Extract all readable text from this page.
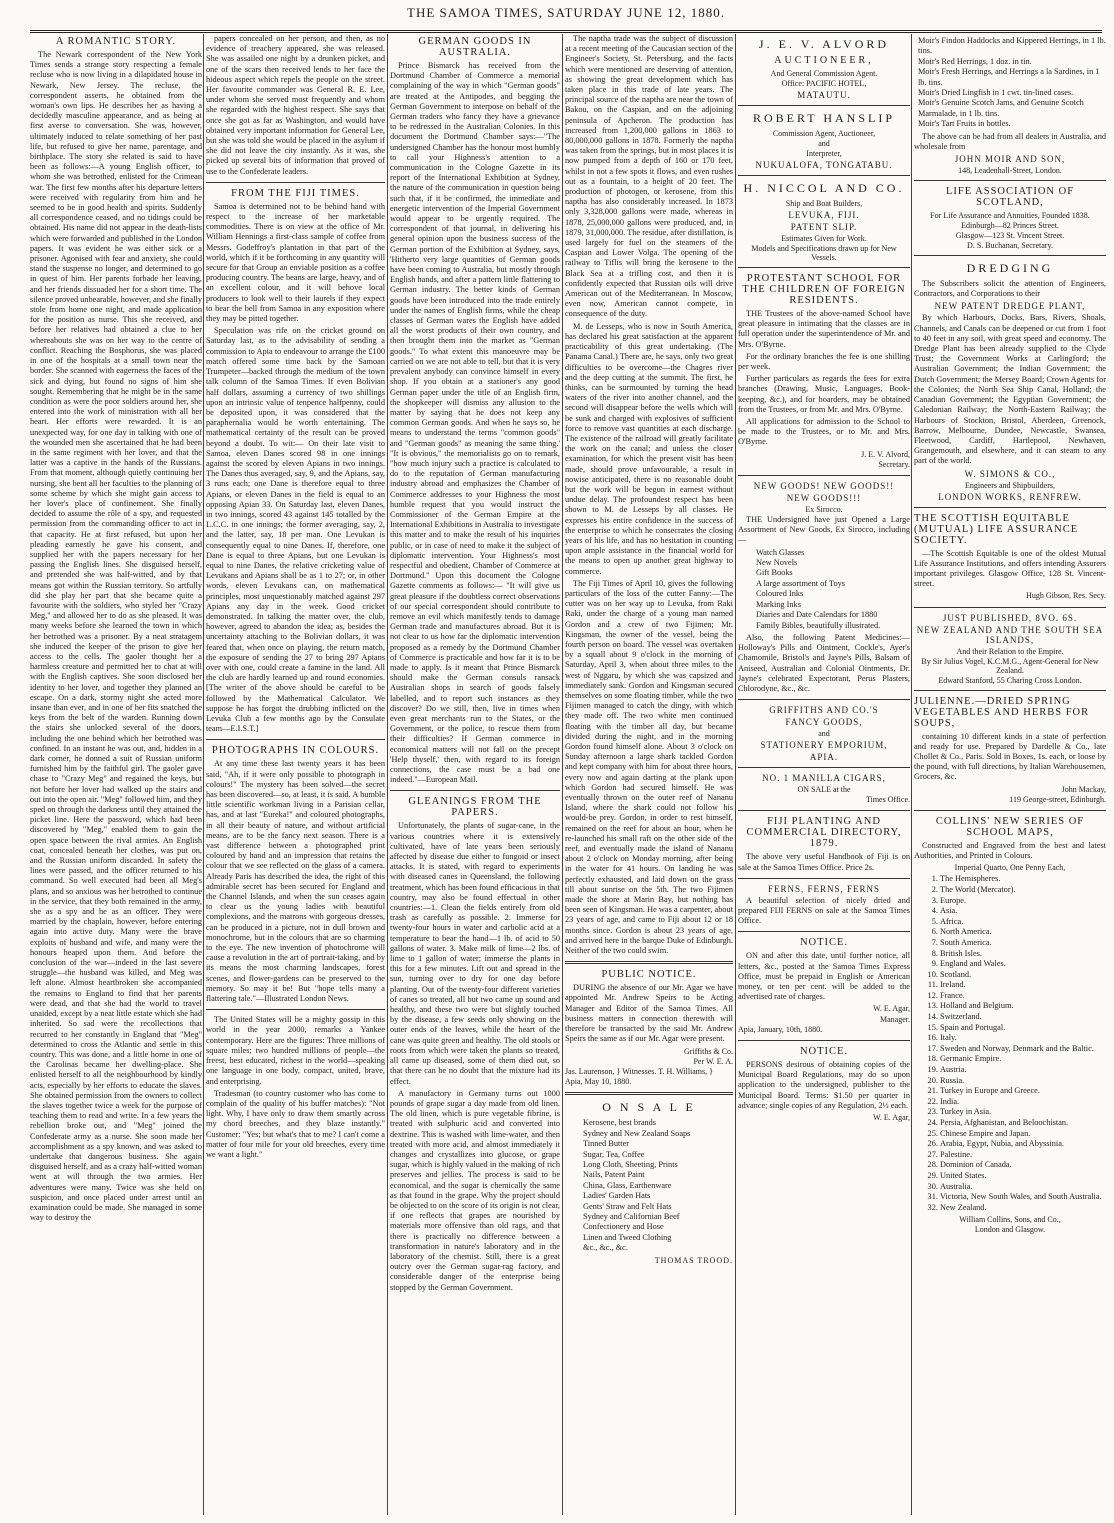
THE SAMOA TIMES, SATURDAY JUNE 12, 1880.
A ROMANTIC STORY.

The Newark correspondent of the New York Times sends a strange story respecting a female recluse who is now living in a dilapidated house in Newark, New Jersey. The recluse, the correspondent asserts, he obtained from the woman's own lips. He describes her as having a decidedly masculine appearance, and as being at first averse to conversation. She was, however, ultimately induced to relate something of her past life, but refused to give her name, parentage, and birthplace. The story she related is said to have been as follows:—A young English officer, to whom she was betrothed, enlisted for the Crimean war. The first few months after his departure letters were received with regularity from him and he seemed to be in good health and spirits. Suddenly all correspondence ceased, and no tidings could be obtained. His name did not appear in the death-lists which were forwarded and published in the London papers. It was evident he was either sick or a prisoner. Agonised with fear and anxiety, she could stand the suspense no longer, and determined to go in quest of him. Her parents forbade her leaving, and her friends dissuaded her for a short time. The silence proved unbearable, however, and she finally stole from home one night, and made application for the position as nurse. This she received, and before her relatives had obtained a clue to her whereabouts she was on her way to the centre of conflict. Reaching the Bosphorus, she was placed in one of the hospitals at a small town near the border. She scanned with eagerness the faces of the sick and dying, but found no signs of him she sought. Remembering that he might be in the same condition as were the poor soldiers around her, she entered into the work of ministration with all her heart. Her efforts were rewarded. It is an unexpected way, for one day in talking with one of the wounded men she ascertained that he had been in the same regiment with her lover, and that the latter was a captive in the hands of the Russians. From that moment, although quietly continuing her nursing, she bent all her faculties to the planning of some scheme by which she might gain access to her lover's place of confinement. She finally decided to assume the rôle of a spy, and requested permission from the commanding officer to act in that capacity. He at first refused, but upon her pleading earnestly he gave his consent, and supplied her with the papers necessary for her passing the English lines. She disguised herself, and pretended she was half-witted, and by that means got within the Russian territory. So artfully did she play her part that she became quite a favourite with the soldiers, who styled her "Crazy Meg," and allowed her to do as she pleased. It was many weeks before she learned the town in which her betrothed was a prisoner. By a neat stratagem she induced the keeper of the prison to give her access to the cells. The gaoler thought her a harmless creature and permitted her to chat at will with the English captives. She soon disclosed her identity to her lover, and together they planned an escape. On a dark, stormy night she acted more insane than ever, and in one of her fits snatched the keys from the belt of the warden. Running down the stairs she unlocked several of the doors, including the one behind which her betrothed was confined. In an instant he was out, and, hidden in a dark corner, he donned a suit of Russian uniform furnished him by the faithful girl. The gaoler gave chase to "Crazy Meg" and regained the keys, but not before her lover had walked up the stairs and out into the open air. "Meg" followed him, and they sped on through the darkness until they attained the picket line. Here the password, which had been discovered by "Meg," enabled them to gain the open space between the rival armies. An English coat, concealed beneath her clothes, was put on, and the Russian uniform discarded. In safety the lines were passed, and the officer returned to his command. So well executed had been all Meg's plans, and so anxious was her betrothed to continue in the service, that they both remained in the army, she as a spy and he as an officer. They were married by the chaplain, however, before entering again into active duty. Many were the brave exploits of husband and wife, and many were the honours heaped upon them. And before the conclusion of the war—indeed in the last severe struggle—the husband was killed, and Meg was left alone. Almost heartbroken she accompanied the remains to England to find that her parents were dead, and that she had the world to travel unaided, except by a neat little estate which she had inherited. So sad were the recollections that recurred to her constantly in England that "Meg" determined to cross the Atlantic and settle in this country. This was done, and a little home in one of the Carolinas became her dwelling-place. She enlisted herself to all the neighbourhood by kindly acts, especially by her efforts to educate the slaves. She obtained permission from the owners to collect the slaves together twice a week for the purpose of teaching them to read and write. In a few years the rebellion broke out, and "Meg" joined the Confederate army as a nurse. She soon made her accomplishment as a spy known, and was asked to undertake that dangerous business. She again disguised herself, and as a crazy half-witted woman went at will through the two armies. Her adventures were many. Twice was she held on suspicion, and once placed under arrest until an examination could be made. She managed in some way to destroy the

papers concealed on her person, and then, as no evidence of treachery appeared, she was released. She was assailed one night by a drunken picket, and one of the scars then received lends to her face the hideous aspect which repels the people on the street. Her favourite commander was General R. E. Lee, under whom she served most frequently and whom she regarded with the highest respect. She says that once she got as far as Washington, and would have obtained very important information for General Lee, but she was told she would be placed in the asylum if she did not leave the city instantly. As it was, she picked up several bits of information that proved of use to the Confederate leaders.

FROM THE FIJI TIMES.

Samoa is determined not to be behind hand with respect to the increase of her marketable commodities. There is on view at the office of Mr. William Hennings a first-class sample of coffee from Messrs. Godeffroy's plantation in that part of the world, which if it be forthcoming in any quantity will secure for that Group an enviable position as a coffee producing country. The beans are large, heavy, and of an excellent colour, and it will behove local producers to look well to their laurels if they expect to bear the bell from Samoa in any exposition where they may be pitted together.

Speculation was rife on the cricket ground on Saturday last, as to the advisability of sending a commission to Apia to endeavour to arrange the £100 match offered some time back by the Samoan Trumpeter—backed through the medium of the town talk column of the Samoa Times. If even Bolivian half dollars, assuming a currency of two shillings upon an intrinsic value of tenpence halfpenny, could be deposited upon, it was considered that the paraphernalia would be worth entertaining. The mathematical certainty of the result can be proved beyond a doubt. To wit:— On their late visit to Samoa, eleven Danes scored 98 in one innings against the scored by eleven Apians in two innings. The Danes thus averaged, say, 9, and the Apians, say, 3 runs each; one Dane is therefore equal to three Apians, or eleven Danes in the field is equal to an opposing Apian 33. On Saturday last, eleven Danes, in two innings, scored 43 against 145 totalled by the L.C.C. in one innings; the former averaging, say, 2, and the latter, say, 18 per man. One Levukan is consequently equal to nine Danes. If, therefore, one Dane is equal to three Apians, but one Levukan is equal to nine Danes, the relative cricketing value of Levukans and Apians shall be as 1 to 27; or, in other words, eleven Levukans can, on mathematical principles, most unquestionably matched against 297 Apians any day in the week. Good cricket demonstrated. In talking the matter over, the club, however, agreed to abandon the idea; as, besides the uncertainty attaching to the Bolivian dollars, it was feared that, when once on playing, the return match, the exposure of sending the 27 to bring 297 Apians over with one, could create a famine in the land. All the club are hardly learned up and round economies. [The writer of the above should be careful to be followed by the Mathematical Calculator. We suppose he has forgot the drubbing inflicted on the Levuka Club a few months ago by the Consulate team—E.I.S.T.]

PHOTOGRAPHS IN COLOURS.

At any time these last twenty years it has been said, "Ah, if it were only possible to photograph in colours!" The mystery has been solved—the secret has been discovered—so, at least, it is said. A humble little scientific workman living in a Parisian cellar, has, and at last "Eureka!" and coloured photographs, in all their beauty of nature, and without artificial means, are to be the fancy next season. There is a vast difference between a photographed print coloured by hand and an impression that retains the colour that we see reflected on the glass of a camera. Already Paris has described the idea, the right of this admirable secret has been secured for England and the Channel Islands, and when the sun ceases again to clear us the young ladies with beautiful complexions, and the matrons with gorgeous dresses, can be produced in a picture, not in dull brown and monochrome, but in the colours that are so charming to the eye. The new invention of photochrome will cause a revolution in the art of portrait-taking, and by its means the most charming landscapes, forest scenes, and flower-gardens can be preserved to the memory. So may it be! But "hope tells many a flattering tale."—Illustrated London News.

The United States will be a mighty gossip in this world in the year 2000, remarks a Yankee contemporary. Here are the figures: Three millions of square miles; two hundred millions of people—the freest, best educated, richest in the world—speaking one language in one body, compact, united, brave, and enterprising.

Tradesman (to country customer who has come to complain of the quality of his buffer matches): "Not light. Why, I have only to draw them smartly across my chord breeches, and they blaze instantly." Customer: "Yes; but what's that to me? I can't come a matter of four mile for your old breeches, every time we want a light."

GERMAN GOODS IN AUSTRALIA.

Prince Bismarck has received from the Dortmund Chamber of Commerce a memorial complaining of the way in which "German goods" are treated at the Antipodes, and begging the German Government to interpose on behalf of the German traders who fancy they have a grievance to be redressed in the Australian Colonies. In this document the Dortmund Chamber says:—"The undersigned Chamber has the honour most humbly to call your Highness's attention to a communication in the Cologne Gazette in its report of the International Exhibition at Sydney, the nature of the communication in question being such that, if it be confirmed, the immediate and energetic intervention of the Imperial Government would appear to be urgently required. The correspondent of that journal, in delivering his general opinion upon the business success of the German portion of the Exhibition at Sydney, says, 'Hitherto very large quantities of German goods have been coming to Australia, but mostly through English hands, and after a pattern little flattering to German industry. The better kinds of German goods have been introduced into the trade entirely under the names of English firms, while the cheap classes of German wares the English have added all the worst products of their own country, and then brought them into the market as "German goods." To what extent this manoeuvre may be carried on we are not able to tell, but that it is very prevalent anybody can convince himself in every shop. If you obtain at a stationer's any good German paper under the title of an English firm, the shopkeeper will dismiss any allusion to the matter by saying that he does not keep any common German goods. And when he says so, he means to understand the terms "common goods" and "German goods" as meaning the same thing.' "It is obvious," the memorialists go on to remark, "how much injury such a practice is calculated to do to the reputation of German manufacturing industry abroad and emphasizes the Chamber of Commerce addresses to your Highness the most humble request that you would instruct the Commissioner of the German Empire at the International Exhibitions in Australia to investigate this matter and to make the result of his inquiries public, or in case of need to make it the subject of diplomatic intervention. Your Highness's most respectful and obedient, Chamber of Commerce at Dortmund." Upon this document the Cologne Gazette comments as follows:— "It will give us great pleasure if the doubtless correct observations of our special correspondent should contribute to remove an evil which manifestly tends to damage German trade and manufactures abroad. But it is not clear to us how far the diplomatic intervention proposed as a remedy by the Dortmund Chamber of Commerce is practicable and how far it is to be made to apply. Is it meant that Prince Bismarck should make the German consuls ransack Australian shops in search of goods falsely labelled, and to report such instances as they discover? Do we still, then, live in times when even great merchants run to the States, or the Government, or the police, to rescue them from their difficulties? If German commerce in economical matters will not fall on the precept 'Help thyself,' then, with regard to its foreign connections, the case must be a bad one indeed."—European Mail.

GLEANINGS FROM THE PAPERS.

Unfortunately, the plants of sugar-cane, in the various countries where it is extensively cultivated, have of late years been seriously affected by disease due either to fungoid or insect attacks. It is stated, with regard to experiments with diseased canes in Queensland, the following treatment, which has been found efficacious in that country, may also be found effectual in other countries:—1. Clean the fields entirely from old trash as carefully as possible. 2. Immerse for twenty-four hours in water and carbolic acid at a temperature to bear the hand—1 lb. of acid to 50 gallons of water. 3. Make milk of lime—2 lbs. of lime to 1 gallon of water; immerse the plants in this for a few minutes. Lift out and spread in the sun, turning over to dry for one day before planting. Out of the twenty-four different varieties of canes so treated, all but two came up sound and healthy, and these two were but slightly touched by the disease, a few seeds only showing on the outer ends of the leaves, while the heart of the cane was quite green and healthy. The old stools or roots from which were taken the plants so treated, all came up diseased, some of them died out, so that there can be no doubt that the mixture had its effect.

A manufactory in Germany turns out 1000 pounds of grape sugar a day made from old linen. The old linen, which is pure vegetable fibrine, is treated with sulphuric acid and converted into dextrine. This is washed with lime-water, and then treated with more acid, and almost immediately it changes and crystallizes into glucose, or grape sugar, which is highly valued in the making of rich preserves and jellies. The process is said to be economical, and the sugar is chemically the same as that found in the grape. Why the project should be objected to on the score of its origin is not clear, if one reflects that grapes are nourished by materials more offensive than old rags, and that there is practically no difference between a transformation in nature's laboratory and in the laboratory of the chemist. Still, there is a great outcry over the German sugar-rag factory, and considerable danger of the enterprise being stopped by the German Government.

The naptha trade was the subject of discussion at a recent meeting of the Caucasian section of the Engineer's Society, St. Petersburg, and the facts which were mentioned are deserving of attention, as showing the great development which has taken place in this trade of late years. The principal source of the naptha are near the town of Bakou, on the Caspian, and on the adjoining peninsula of Apcheron. The production has increased from 1,200,000 gallons in 1863 to 80,000,000 gallons in 1878. Formerly the naptha was taken from the springs, but in most places it is now pumped from a depth of 160 or 170 feet, whilst in not a few spots it flows, and even rushes out as a fountain, to a height of 20 feet. The production of photogen, or kerosene, from this naptha has also considerably increased. In 1873 only 3,328,000 gallons were made, whereas in 1878, 25,000,000 gallons were produced, and, in 1879, 31,000,000. The residue, after distillation, is used largely for fuel on the steamers of the Caspian and Lower Volga. The opening of the railway to Tiflis will bring the kerosene to the Black Sea at a trifling cost, and then it is confidently expected that Russian oils will drive American out of the Mediterranean. In Moscow, even now, American cannot compete, in consequence of the duty.

M. de Lesseps, who is now in South America, has declared his great satisfaction at the apparent practicability of this great undertaking. (The Panama Canal.) There are, he says, only two great difficulties to be overcome—the Chagres river and the deep cutting at the summit. The first, he thinks, can be surmounted by turning the head waters of the river into another channel, and the second will disappear before the wells which will be sunk and charged with explosives of sufficient force to remove vast quantities at each discharge. The existence of the railroad will greatly facilitate the work on the canal; and unless the closer examination, for which the present visit has been made, should prove unfavourable, a result in nowise anticipated, there is no reasonable doubt but the work will be begun in earnest without undue delay. The profoundest respect has been shown to M. de Lesseps by all classes. He expresses his entire confidence in the success of the enterprise to which he consecrates the closing years of his life, and has no hesitation in counting upon ample assistance in the financial world for the means to open up another great highway to commerce.

The Fiji Times of April 10, gives the following particulars of the loss of the cutter Fanny:—The cutter was on her way up to Levuka, from Raki Raki, under the charge of a young man named Gordon and a crew of two Fijimen; Mr. Kingsman, the owner of the vessel, being the fourth person on board. The vessel was overtaken by a squall about 9 o'clock in the morning of Saturday, April 3, when about three miles to the west of Nggaru, by which she was capsized and immediately sank. Gordon and Kingsman secured themselves on some floating timber, while the two Fijimen managed to catch the dingy, with which they made off. The two white men continued floating with the timber all day, but became divided during the night, and in the morning Gordon found himself alone. About 3 o'clock on Sunday afternoon a large shark tackled Gordon and kept company with him for about three hours, every now and again darting at the plank upon which Gordon had secured himself. He was eventually thrown on the outer reef of Nananu Island, where the shark could not follow his would-be prey. Gordon, in order to rest himself, remained on the reef for about an hour, when he re-launched his small raft on the other side of the reef, and eventually made the island of Nananu about 2 o'clock on Monday morning, after being in the water for 41 hours. On landing he was perfectly exhausted, and laid down on the grass till about sunrise on the 5th. The two Fijimen made the shore at Marin Bay, but nothing has been seen of Kingsman. He was a carpenter, about 23 years of age, and came to Fiji about 12 or 18 months since. Gordon is about 23 years of age, and arrived here in the barque Duke of Edinburgh. Neither of the two could swim.

PUBLIC NOTICE.

DURING the absence of our Mr. Agar we have appointed Mr. Andrew Speirs to be Acting Manager and Editor of the Samoa Times. All business matters in connection therewith will therefore be transacted by the said Mr. Andrew Speirs the same as if our Mr. Agar were present.

Griffiths & Co.
Per W. E. A.
Jas. Laurenson, } Witnesses. T. H. Williams, }
Apia, May 10, 1880.
O N S A L E
Kerosene, best brands
Sydney and New Zealand Soaps
Tinned Butter
Sugar, Tea, Coffee
Long Cloth, Sheeting, Prints
Nails, Patent Paint
China, Glass, Earthenware
Ladies' Garden Hats
Gents' Straw and Felt Hats
Sydney and Californian Beef
Confectionery and Hose
Linen and Tweed Clothing
&c., &c., &c.
THOMAS TROOD.
J. E. V. ALVORD
AUCTIONEER,
And General Commission Agent.
Office: PACIFIC HOTEL,
MATAUTU.
ROBERT HANSLIP
Commission Agent, Auctioneer,
and
Interpreter,
NUKUALOFA, TONGATABU.
H. NICCOL AND CO.
Ship and Boat Builders,
LEVUKA, FIJI.
PATENT SLIP.
Estimates Given for Work.
Models and Specifications drawn up for New Vessels.
PROTESTANT SCHOOL FOR THE CHILDREN OF FOREIGN RESIDENTS.

THE Trustees of the above-named School have great pleasure in intimating that the classes are in full operation under the superintendence of Mr. and Mrs. O'Byrne.

For the ordinary branches the fee is one shilling per week.

Further particulars as regards the fees for extra branches (Drawing, Music, Languages, Book-keeping, &c.), and for boarders, may be obtained from the Trustees, or from Mr. and Mrs. O'Byrne.

All applications for admission to the School to be made to the Trustees, or to Mr. and Mrs. O'Byrne.

J. E. V. Alvord,
Secretary.
NEW GOODS! NEW GOODS!!
NEW GOODS!!!
Ex Sirocco.

THE Undersigned have just Opened a Large Assortment of New Goods, Ex Sirocco, including—

Watch Glasses
New Novels
Gift Books
A large assortment of Toys
Coloured Inks
Marking Inks
Diaries and Date Calendars for 1880
Family Bibles, beautifully illustrated.

Also, the following Patent Medicines:—Holloway's Pills and Ointment, Cockle's, Ayer's Chamomile, Bristol's and Jayne's Pills, Balsam of Aniseed, Australian and Colonial Ointments, Dr. Jayne's celebrated Expectorant, Perus Plasters, Chlorodyne, &c., &c.

GRIFFITHS AND CO.'S
FANCY GOODS,
and
STATIONERY EMPORIUM,
APIA.
NO. 1 MANILLA CIGARS,
ON SALE at the
Times Office.
FIJI PLANTING AND COMMERCIAL DIRECTORY, 1879.

The above very useful Handbook of Fiji is on sale at the Samoa Times Office. Price 2s.

FERNS, FERNS, FERNS

A beautiful selection of nicely dried and prepared FIJI FERNS on sale at the Samoa Times Office.

NOTICE.

ON and after this date, until further notice, all letters, &c., posted at the Samoa Times Express Office, must be prepaid in English or American money, or ten per cent. will be added to the advertised rate of charges.

W. E. Agar,
Manager.
Apia, January, 10th, 1880.
NOTICE.

PERSONS desirous of obtaining copies of the Municipal Board Regulations, may do so upon application to the undersigned, publisher to the Municipal Board. Terms: $1.50 per quarter in advance; single copies of any Regulation, 2½ each.

W. E. Agar,
Moir's Findon Haddocks and Kippered Herrings, in 1 lb. tins.
Moir's Red Herrings, 1 doz. in tin.
Moir's Fresh Herrings, and Herrings a la Sardines, in 1 lb. tins.
Moir's Dried Lingfish in 1 cwt. tin-lined cases.
Moir's Genuine Scotch Jams, and Genuine Scotch Marmalade, in 1 lb. tins.
Moir's Tart Fruits in bottles.

The above can be had from all dealers in Australia, and wholesale from

JOHN MOIR AND SON,
148, Leadenhall-Street, London.
LIFE ASSOCIATION OF SCOTLAND,
For Life Assurance and Annuities, Founded 1838.
Edinburgh—82 Princes Street.
Glasgow—123 St. Vincent Street.
D. S. Buchanan, Secretary.
DREDGING

The Subscribers solicit the attention of Engineers, Contractors, and Corporations to their

NEW PATENT DREDGE PLANT,

By which Harbours, Docks, Bars, Rivers, Shoals, Channels, and Canals can be deepened or cut from 1 foot to 40 feet in any soil, with great speed and economy. The Dredge Plant has been already supplied to the Clyde Trust; the Government Works at Carlingford; the Australian Government; the Indian Government; the Dutch Government; the Mersey Board; Crown Agents for the Colonies; the North Sea Ship Canal, Holland; the Canadian Government; the Egyptian Government; the Caledonian Railway; the North-Eastern Railway; the Harbours of Stockton, Bristol, Aberdeen, Greenock, Barrow, Melbourne, Dundee, Newcastle, Swansea, Fleetwood, Cardiff, Hartlepool, Newhaven, Grangemouth, and elsewhere, and it can steam to any part of the world.

W. SIMONS & CO.,
Engineers and Shipbuilders,
LONDON WORKS, RENFREW.
THE SCOTTISH EQUITABLE (MUTUAL) LIFE ASSURANCE SOCIETY.

—The Scottish Equitable is one of the oldest Mutual Life Assurance Institutions, and offers intending Assurers important privileges. Glasgow Office, 128 St. Vincent-street.

Hugh Gibson, Res. Secy.
JUST PUBLISHED, 8VO. 6S.
NEW ZEALAND AND THE SOUTH SEA ISLANDS,
And their Relation to the Empire.
By Sir Julius Vogel, K.C.M.G., Agent-General for New Zealand.
Edward Stanford, 55 Charing Cross London.
JULIENNE.—DRIED SPRING VEGETABLES AND HERBS FOR SOUPS,

containing 10 different kinds in a state of perfection and ready for use. Prepared by Dardelle & Co., late Chollet & Co., Paris. Sold in Boxes, 1s. each, or loose by the pound, with full directions, by Italian Warehousemen, Grocers, &c.

John Mackay,
119 George-street, Edinburgh.
COLLINS' NEW SERIES OF SCHOOL MAPS,

Constructed and Engraved from the best and latest Authorities, and Printed in Colours.

Imperial Quarto, One Penny Each,
1. The Hemispheres.
2. The World (Mercator).
3. Europe.
4. Asia.
5. Africa.
6. North America.
7. South America.
8. British Isles.
9. England and Wales.
10. Scotland.
11. Ireland.
12. France.
13. Holland and Belgium.
14. Switzerland.
15. Spain and Portugal.
16. Italy.
17. Sweden and Norway, Denmark and the Baltic.
18. Germanic Empire.
19. Austria.
20. Russia.
21. Turkey in Europe and Greece.
22. India.
23. Turkey in Asia.
24. Persia, Afghanistan, and Beloochistan.
25. Chinese Empire and Japan.
26. Arabia, Egypt, Nubia, and Abyssinia.
27. Palestine.
28. Dominion of Canada.
29. United States.
30. Australia.
31. Victoria, New South Wales, and South Australia.
32. New Zealand.
William Collins, Sons, and Co.,
London and Glasgow.
